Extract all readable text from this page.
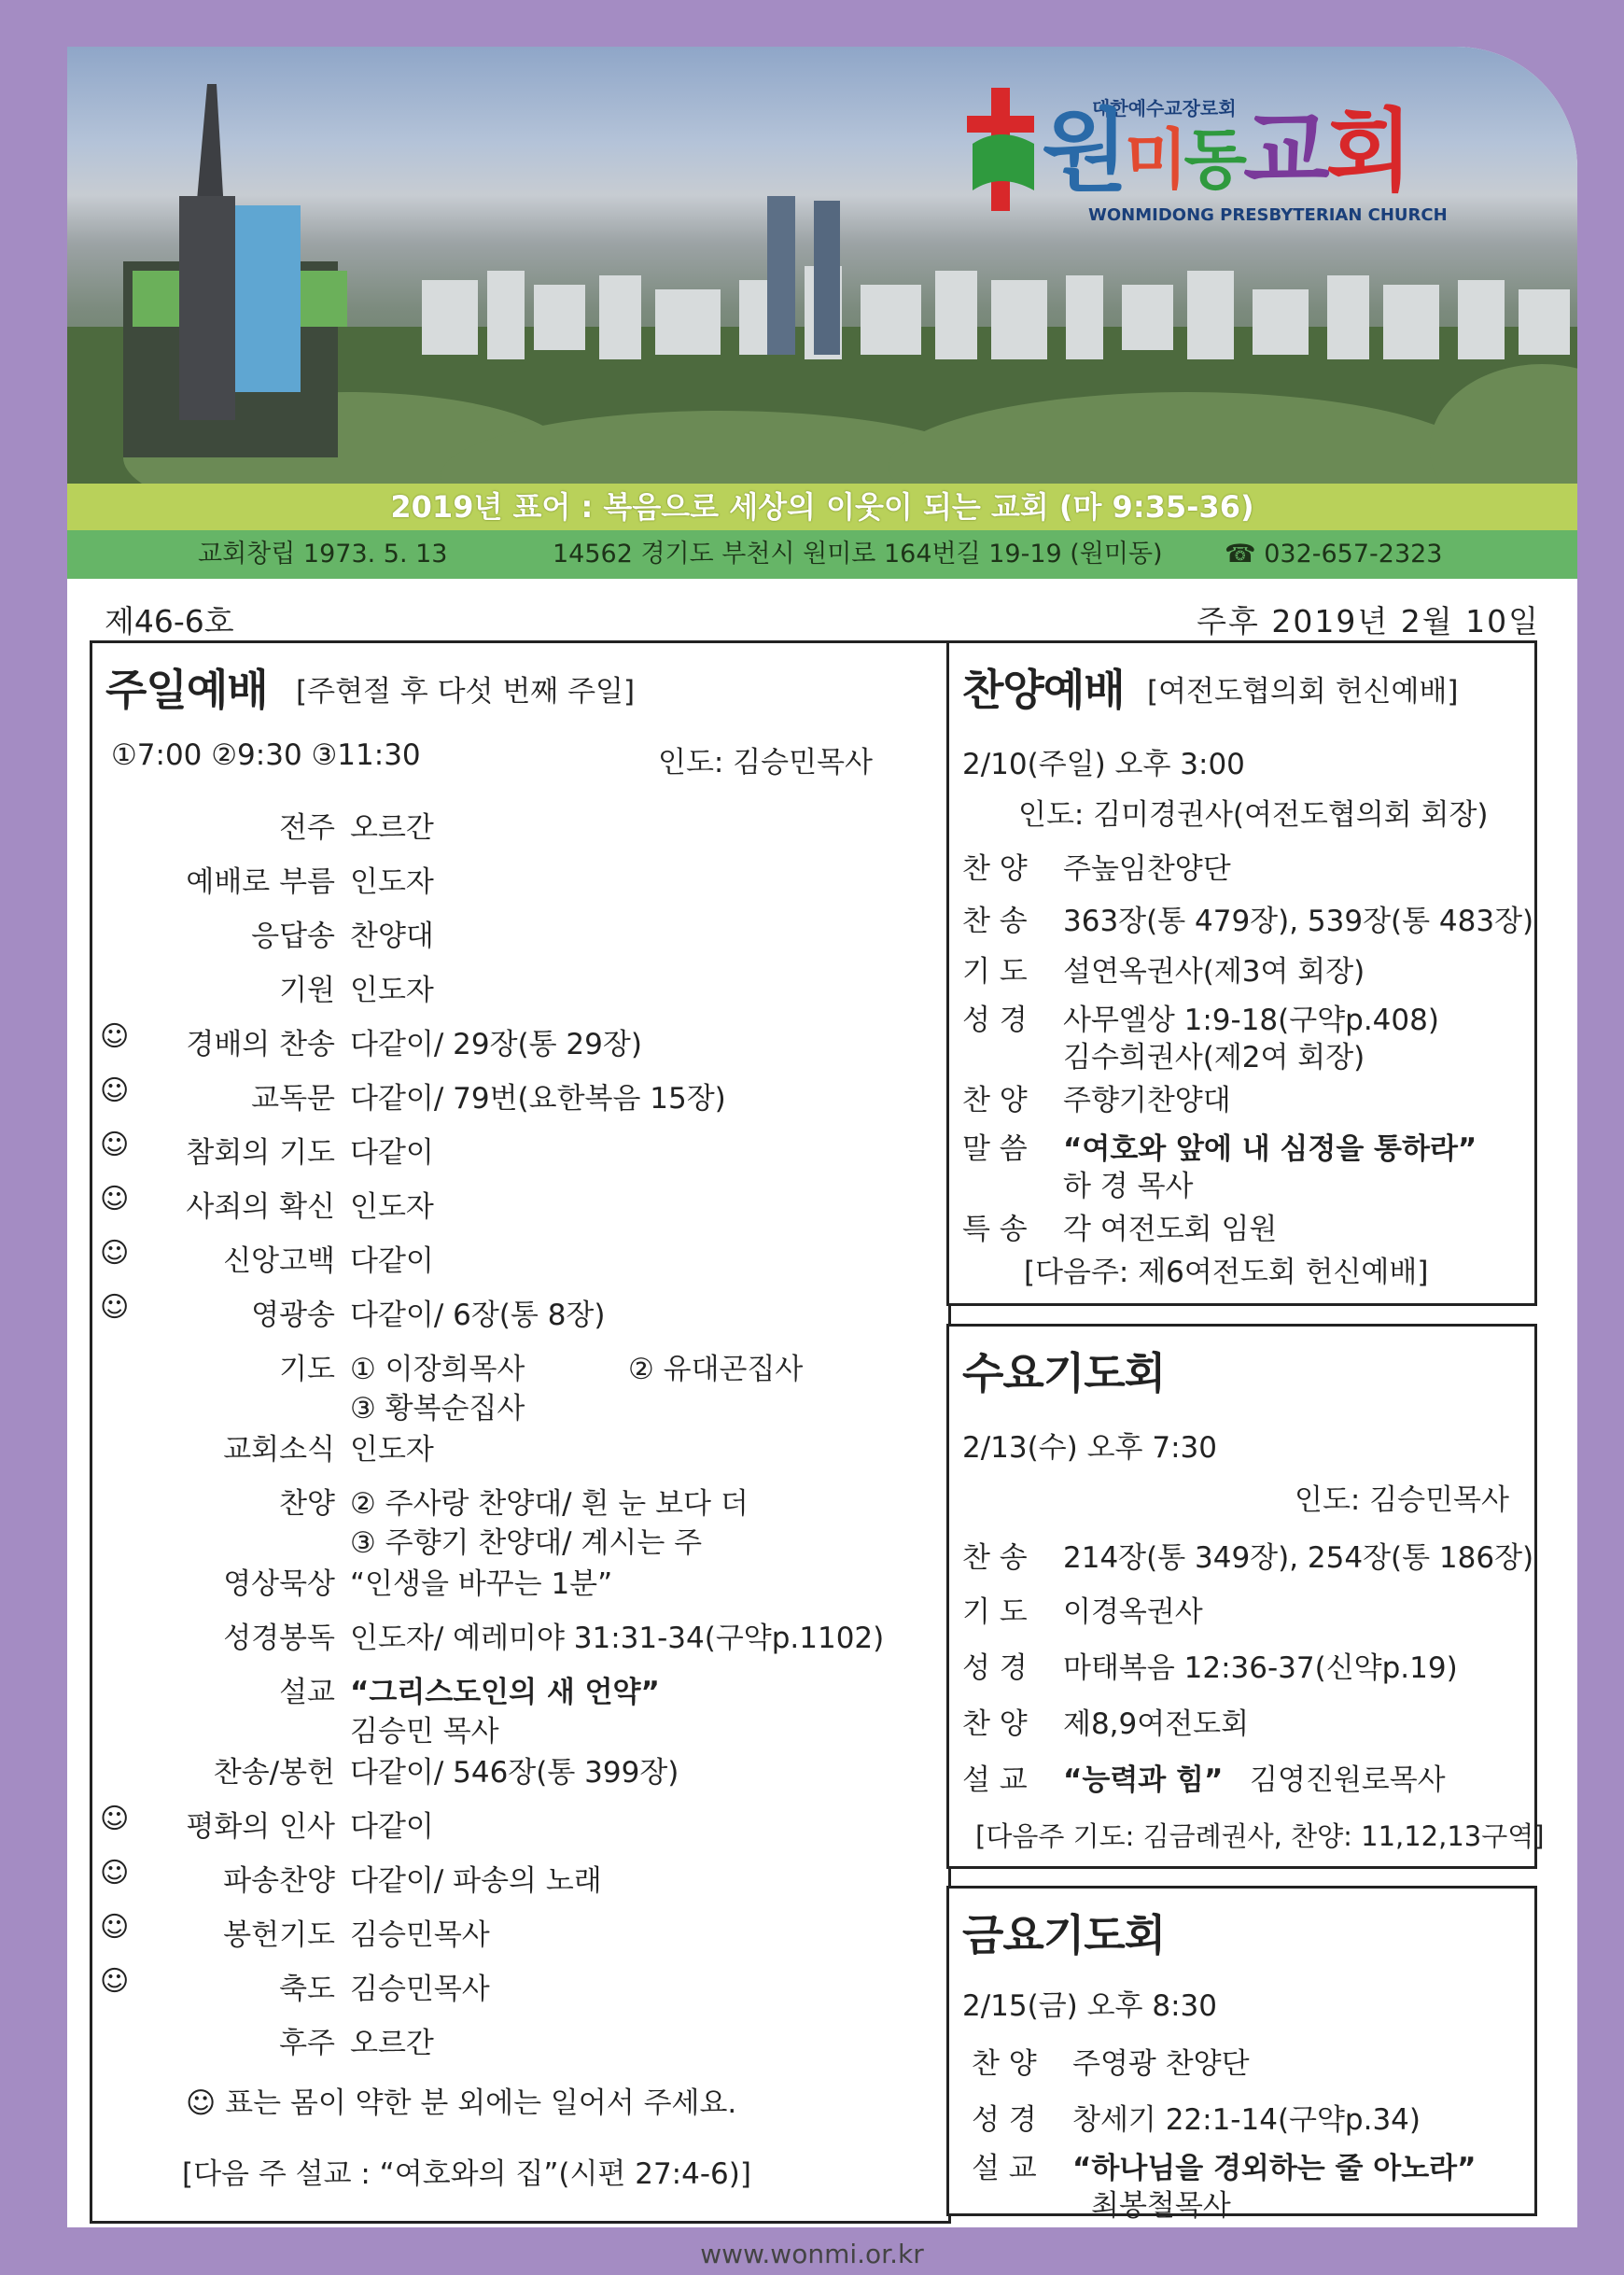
대한예수교장로회
원미동교회
WONMIDONG PRESBYTERIAN CHURCH
2019년 표어 : 복음으로 세상의 이웃이 되는 교회 (마 9:35-36)
교회창립 1973. 5. 13	14562 경기도 부천시 원미로 164번길 19-19 (원미동) ☎ 032-657-2323
제46-6호	주후 2019년 2월 10일
주일예배 [주현절 후 다섯 번째 주일]
①7:00 ②9:30 ③11:30	인도: 김승민목사
전주 오르간
예배로 부름 인도자
응답송 찬양대
기원 인도자
☺	경배의 찬송 다같이/ 29장(통 29장)
☺	교독문 다같이/ 79번(요한복음 15장)
☺	참회의 기도 다같이
☺	사죄의 확신 인도자
☺	신앙고백 다같이
☺	영광송 다같이/ 6장(통 8장)
기도 ① 이장희목사	② 유대곤집사
③ 황복순집사
교회소식 인도자
찬양 ② 주사랑 찬양대/ 흰 눈 보다 더
③ 주향기 찬양대/ 계시는 주
영상묵상 “인생을 바꾸는 1분”
성경봉독 인도자/ 예레미야 31:31-34(구약p.1102)
설교 “그리스도인의 새 언약”
김승민 목사
찬송/봉헌 다같이/ 546장(통 399장)
☺	평화의 인사 다같이
☺	파송찬양 다같이/ 파송의 노래
☺	봉헌기도 김승민목사
☺	축도 김승민목사
후주 오르간
☺ 표는 몸이 약한 분 외에는 일어서 주세요.
[다음 주 설교 : “여호와의 집”(시편 27:4-6)]
찬양예배 [여전도협의회 헌신예배]
2/10(주일) 오후 3:00
인도: 김미경권사(여전도협의회 회장)
찬 양 주높임찬양단
찬 송 363장(통 479장), 539장(통 483장)
기 도 설연옥권사(제3여 회장)
성 경 사무엘상 1:9-18(구약p.408)
김수희권사(제2여 회장)
찬 양 주향기찬양대
말 씀 “여호와 앞에 내 심정을 통하라”
하 경 목사
특 송 각 여전도회 임원
[다음주: 제6여전도회 헌신예배]
수요기도회
2/13(수) 오후 7:30
인도: 김승민목사
찬 송 214장(통 349장), 254장(통 186장)
기 도 이경옥권사
성 경 마태복음 12:36-37(신약p.19)
찬 양 제8,9여전도회
설 교 “능력과 힘” 김영진원로목사
[다음주 기도: 김금례권사, 찬양: 11,12,13구역]
금요기도회
2/15(금) 오후 8:30
찬 양 주영광 찬양단
성 경 창세기 22:1-14(구약p.34)
설 교 “하나님을 경외하는 줄 아노라”
최봉철목사
www.wonmi.or.kr
